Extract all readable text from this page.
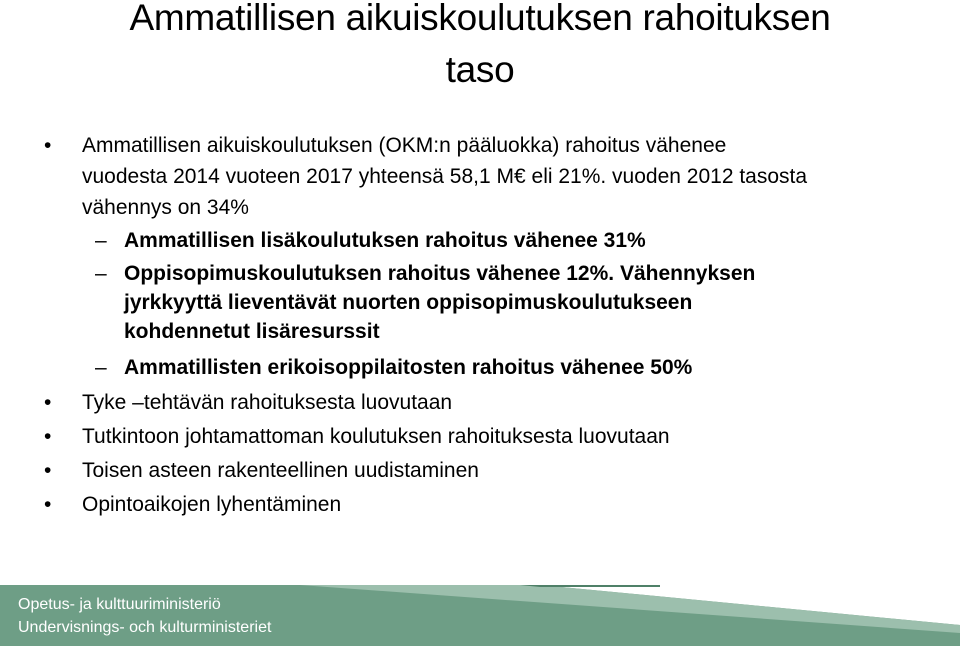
Ammatillisen aikuiskoulutuksen rahoituksen
taso
• Ammatillisen aikuiskoulutuksen (OKM:n pääluokka) rahoitus vähenee
vuodesta 2014 vuoteen 2017 yhteensä 58,1 M€ eli 21%. vuoden 2012 tasosta
vähennys on 34%
– Ammatillisen lisäkoulutuksen rahoitus vähenee 31%
– Oppisopimuskoulutuksen rahoitus vähenee 12%. Vähennyksen
jyrkkyyttä lieventävät nuorten oppisopimuskoulutukseen
kohdennetut lisäresurssit
– Ammatillisten erikoisoppilaitosten rahoitus vähenee 50%
• Tyke –tehtävän rahoituksesta luovutaan
• Tutkintoon johtamattoman koulutuksen rahoituksesta luovutaan
• Toisen asteen rakenteellinen uudistaminen
• Opintoaikojen lyhentäminen
Opetus- ja kulttuuriministeriö
Undervisnings- och kulturministeriet
